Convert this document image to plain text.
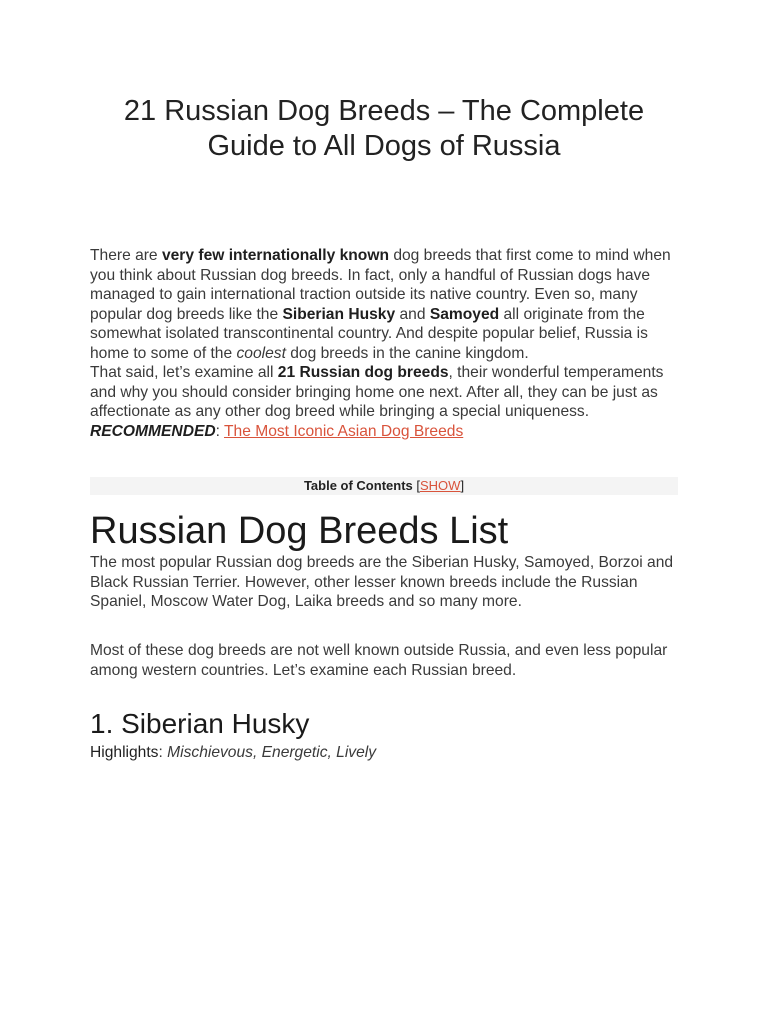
21 Russian Dog Breeds – The Complete Guide to All Dogs of Russia

There are very few internationally known dog breeds that first come to mind when you think about Russian dog breeds. In fact, only a handful of Russian dogs have managed to gain international traction outside its native country. Even so, many popular dog breeds like the Siberian Husky and Samoyed all originate from the somewhat isolated transcontinental country. And despite popular belief, Russia is home to some of the coolest dog breeds in the canine kingdom.

That said, let’s examine all 21 Russian dog breeds, their wonderful temperaments and why you should consider bringing home one next. After all, they can be just as affectionate as any other dog breed while bringing a special uniqueness.

RECOMMENDED: The Most Iconic Asian Dog Breeds

Table of Contents [SHOW]
Russian Dog Breeds List

The most popular Russian dog breeds are the Siberian Husky, Samoyed, Borzoi and Black Russian Terrier. However, other lesser known breeds include the Russian Spaniel, Moscow Water Dog, Laika breeds and so many more.

Most of these dog breeds are not well known outside Russia, and even less popular among western countries. Let’s examine each Russian breed.

1. Siberian Husky
Highlights: Mischievous, Energetic, Lively
